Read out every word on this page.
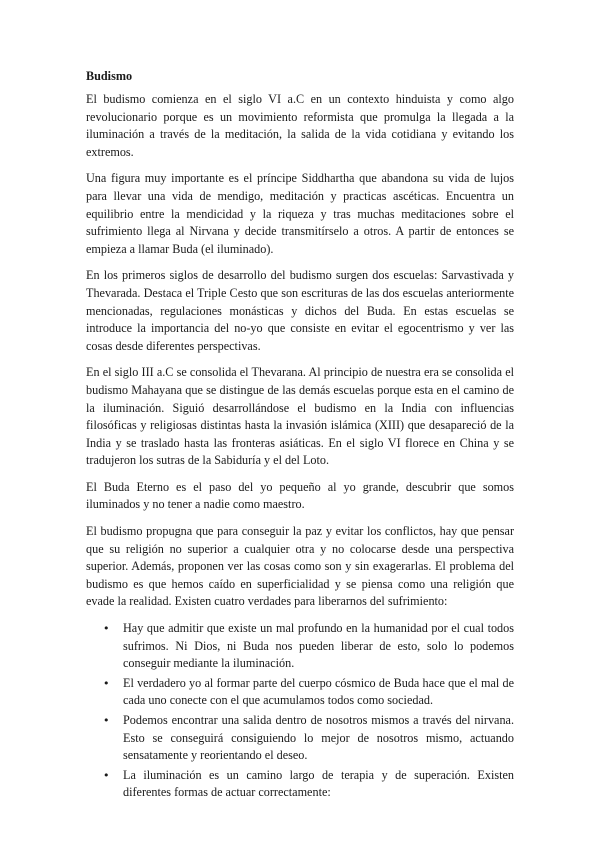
Budismo

El budismo comienza en el siglo VI a.C en un contexto hinduista y como algo revolucionario porque es un movimiento reformista que promulga la llegada a la iluminación a través de la meditación, la salida de la vida cotidiana y evitando los extremos.

Una figura muy importante es el príncipe Siddhartha que abandona su vida de lujos para llevar una vida de mendigo, meditación y practicas ascéticas. Encuentra un equilibrio entre la mendicidad y la riqueza y tras muchas meditaciones sobre el sufrimiento llega al Nirvana y decide transmitírselo a otros. A partir de entonces se empieza a llamar Buda (el iluminado).

En los primeros siglos de desarrollo del budismo surgen dos escuelas: Sarvastivada y Thevarada. Destaca el Triple Cesto que son escrituras de las dos escuelas anteriormente mencionadas, regulaciones monásticas y dichos del Buda. En estas escuelas se introduce la importancia del no-yo que consiste en evitar el egocentrismo y ver las cosas desde diferentes perspectivas.

En el siglo III a.C se consolida el Thevarana. Al principio de nuestra era se consolida el budismo Mahayana que se distingue de las demás escuelas porque esta en el camino de la iluminación. Siguió desarrollándose el budismo en la India con influencias filosóficas y religiosas distintas hasta la invasión islámica (XIII) que desapareció de la India y se traslado hasta las fronteras asiáticas. En el siglo VI florece en China y se tradujeron los sutras de la Sabiduría y el del Loto.

El Buda Eterno es el paso del yo pequeño al yo grande, descubrir que somos iluminados y no tener a nadie como maestro.

El budismo propugna que para conseguir la paz y evitar los conflictos, hay que pensar que su religión no superior a cualquier otra y no colocarse desde una perspectiva superior. Además, proponen ver las cosas como son y sin exagerarlas. El problema del budismo es que hemos caído en superficialidad y se piensa como una religión que evade la realidad. Existen cuatro verdades para liberarnos del sufrimiento:

• Hay que admitir que existe un mal profundo en la humanidad por el cual todos sufrimos. Ni Dios, ni Buda nos pueden liberar de esto, solo lo podemos conseguir mediante la iluminación.
• El verdadero yo al formar parte del cuerpo cósmico de Buda hace que el mal de cada uno conecte con el que acumulamos todos como sociedad.
• Podemos encontrar una salida dentro de nosotros mismos a través del nirvana. Esto se conseguirá consiguiendo lo mejor de nosotros mismo, actuando sensatamente y reorientando el deseo.
• La iluminación es un camino largo de terapia y de superación. Existen diferentes formas de actuar correctamente:
